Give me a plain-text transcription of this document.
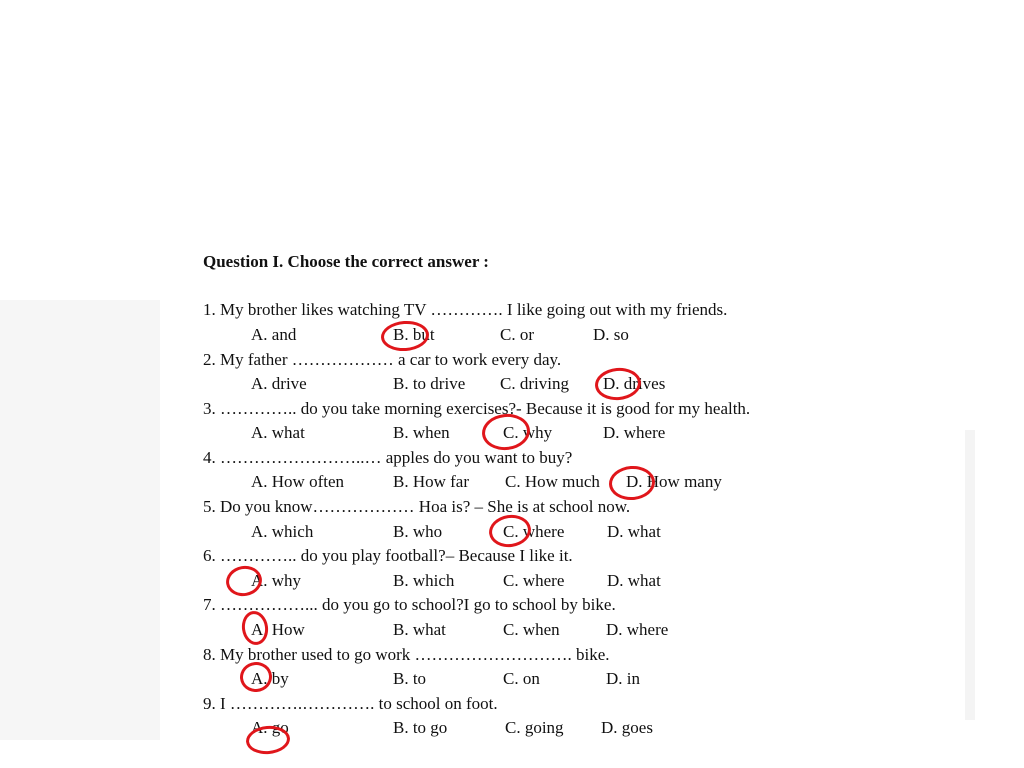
Question I. Choose the correct answer :
1. My brother likes watching TV …………. I like going out with my friends.
A. and	B. but	C. or	D. so
2. My father ……………… a car to work every day.
A. drive	B. to drive C. driving D. drives
3. ………….. do you take morning exercises?- Because it is good for my health.
A. what	B. when	C. why	D. where
4. ……………………..… apples do you want to buy?
A. How often	B. How far C. How much D. How many
5. Do you know……………… Hoa is? – She is at school now.
A. which	B. who	C. where	D. what
6. ………….. do you play football?– Because I like it.
A. why	B. which	C. where	D. what
7. ……………... do you go to school?I go to school by bike.
A. How	B. what	C. when	D. where
8. My brother used to go work ………………………. bike.
A. by	B. to	C. on	D. in
9. I ………….…………. to school on foot.
A. go	B. to go	C. going D. goes
